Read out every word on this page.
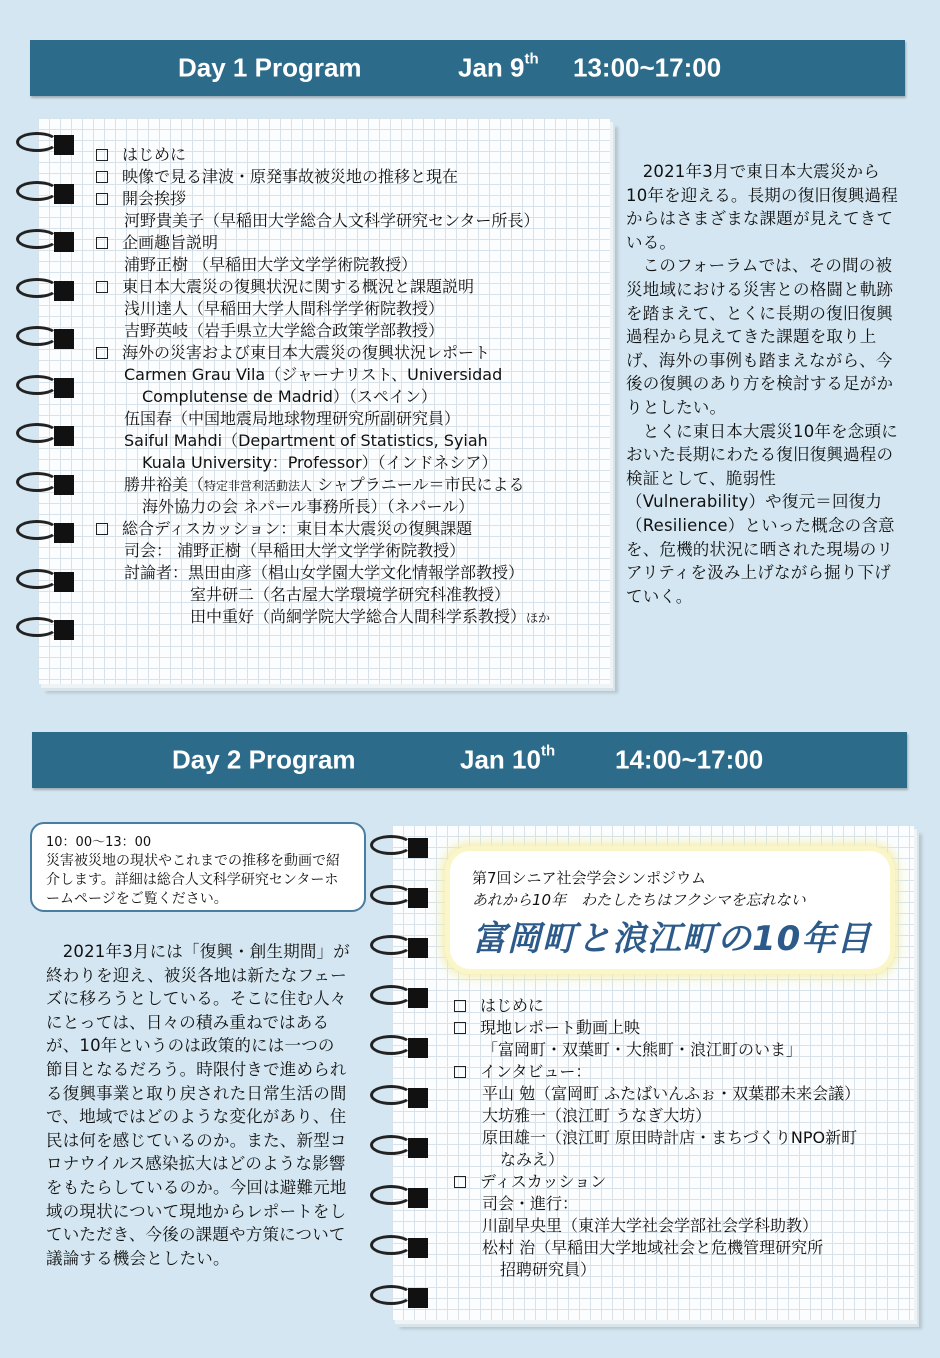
Day 1 Program	Jan 9th 13:00~17:00
はじめに
映像で見る津波・原発事故被災地の推移と現在
開会挨拶
河野貴美子（早稲田大学総合人文科学研究センター所長）
企画趣旨説明
浦野正樹 （早稲田大学文学学術院教授）
東日本大震災の復興状況に関する概況と課題説明
浅川達人（早稲田大学人間科学学術院教授）
吉野英岐（岩手県立大学総合政策学部教授）
海外の災害および東日本大震災の復興状況レポート
Carmen Grau Vila（ジャーナリスト、Universidad
Complutense de Madrid）（スペイン）
伍国春（中国地震局地球物理研究所副研究員）
Saiful Mahdi（Department of Statistics, Syiah
Kuala University：Professor）（インドネシア）
勝井裕美（特定非営利活動法人 シャプラニール＝市民による
海外協力の会 ネパール事務所長）（ネパール）
総合ディスカッション：東日本大震災の復興課題
司会： 浦野正樹（早稲田大学文学学術院教授）
討論者：黒田由彦（椙山女学園大学文化情報学部教授）
室井研二（名古屋大学環境学研究科准教授）
田中重好（尚絅学院大学総合人間科学系教授）ほか

　2021年3月で東日本大震災から10年を迎える。長期の復旧復興過程からはさまざまな課題が見えてきている。

　このフォーラムでは、その間の被災地域における災害との格闘と軌跡を踏まえて、とくに長期の復旧復興過程から見えてきた課題を取り上げ、海外の事例も踏まえながら、今後の復興のあり方を検討する足がかりとしたい。

　とくに東日本大震災10年を念頭においた長期にわたる復旧復興過程の検証として、脆弱性（Vulnerability）や復元＝回復力（Resilience）といった概念の含意を、危機的状況に晒された現場のリアリティを汲み上げながら掘り下げていく。

Day 2 Program	Jan 10th 14:00~17:00
10：00～13：00
災害被災地の現状やこれまでの推移を動画で紹介します。詳細は総合人文科学研究センターホームページをご覧ください。
　2021年3月には「復興・創生期間」が終わりを迎え、被災各地は新たなフェーズに移ろうとしている。そこに住む人々にとっては、日々の積み重ねではあるが、10年というのは政策的には一つの節目となるだろう。時限付きで進められる復興事業と取り戻された日常生活の間で、地域ではどのような変化があり、住民は何を感じているのか。また、新型コロナウイルス感染拡大はどのような影響をもたらしているのか。今回は避難元地域の現状について現地からレポートをしていただき、今後の課題や方策について議論する機会としたい。
はじめに
現地レポート動画上映
「富岡町・双葉町・大熊町・浪江町のいま」
インタビュー：
平山 勉（富岡町 ふたばいんふぉ・双葉郡未来会議）
大坊雅一（浪江町 うなぎ大坊）
原田雄一（浪江町 原田時計店・まちづくりNPO新町
なみえ）
ディスカッション
司会・進行：
川副早央里（東洋大学社会学部社会学科助教）
松村 治（早稲田大学地域社会と危機管理研究所
招聘研究員）
第7回シニア社会学会シンポジウム
あれから10年　わたしたちはフクシマを忘れない
富岡町と浪江町の10年目
